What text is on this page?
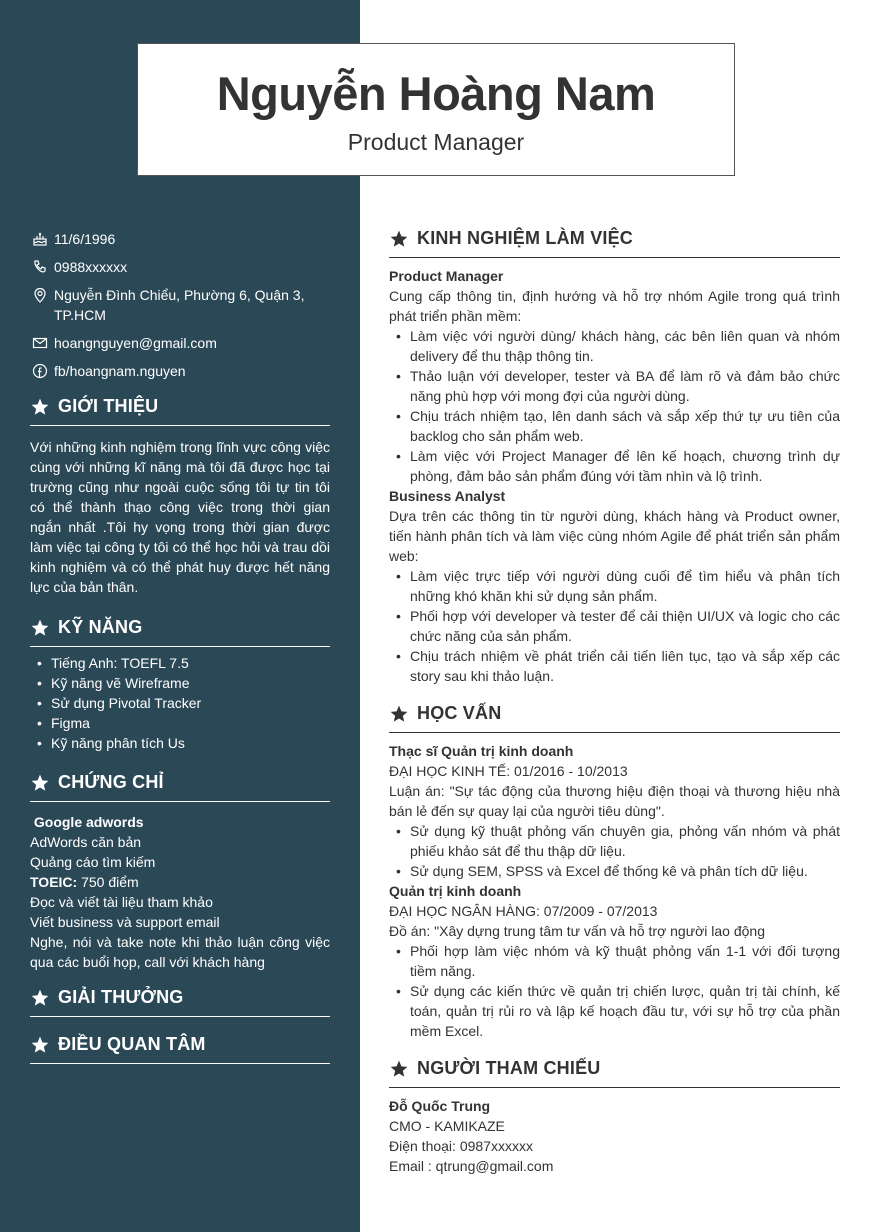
Nguyễn Hoàng Nam
Product Manager
11/6/1996
0988xxxxxx
Nguyễn Đình Chiểu, Phường 6, Quận 3, TP.HCM
hoangnguyen@gmail.com
fb/hoangnam.nguyen
GIỚI THIỆU

Với những kinh nghiệm trong lĩnh vực công việc cùng với những kĩ năng mà tôi đã được học tại trường cũng như ngoài cuộc sống tôi tự tin tôi có thể thành thạo công việc trong thời gian ngắn nhất .Tôi hy vọng trong thời gian được làm việc tại công ty tôi có thể học hỏi và trau dồi kinh nghiệm và có thể phát huy được hết năng lực của bản thân.

KỸ NĂNG
• Tiếng Anh: TOEFL 7.5
• Kỹ năng vẽ Wireframe
• Sử dụng Pivotal Tracker
• Figma
• Kỹ năng phân tích Us
CHỨNG CHỈ
Google adwords
AdWords căn bản
Quảng cáo tìm kiếm
TOEIC: 750 điểm
Đọc và viết tài liệu tham khảo
Viết business và support email
Nghe, nói và take note khi thảo luận công việc qua các buổi họp, call với khách hàng
GIẢI THƯỞNG
ĐIỀU QUAN TÂM
KINH NGHIỆM LÀM VIỆC
Product Manager
Cung cấp thông tin, định hướng và hỗ trợ nhóm Agile trong quá trình phát triển phần mềm:
• Làm việc với người dùng/ khách hàng, các bên liên quan và nhóm delivery để thu thập thông tin.
• Thảo luận với developer, tester và BA để làm rõ và đảm bảo chức năng phù hợp với mong đợi của người dùng.
• Chịu trách nhiệm tạo, lên danh sách và sắp xếp thứ tự ưu tiên của backlog cho sản phẩm web.
• Làm việc với Project Manager để lên kế hoạch, chương trình dự phòng, đảm bảo sản phẩm đúng với tầm nhìn và lộ trình.
Business Analyst
Dựa trên các thông tin từ người dùng, khách hàng và Product owner, tiến hành phân tích và làm việc cùng nhóm Agile để phát triển sản phẩm web:
• Làm việc trực tiếp với người dùng cuối để tìm hiểu và phân tích những khó khăn khi sử dụng sản phẩm.
• Phối hợp với developer và tester để cải thiện UI/UX và logic cho các chức năng của sản phẩm.
• Chịu trách nhiệm về phát triển cải tiến liên tục, tạo và sắp xếp các story sau khi thảo luận.
HỌC VẤN
Thạc sĩ Quản trị kinh doanh
ĐẠI HỌC KINH TẾ: 01/2016 - 10/2013
Luận án: "Sự tác động của thương hiệu điện thoại và thương hiệu nhà bán lẻ đến sự quay lại của người tiêu dùng".
• Sử dụng kỹ thuật phỏng vấn chuyên gia, phỏng vấn nhóm và phát phiếu khảo sát để thu thập dữ liệu.
• Sử dụng SEM, SPSS và Excel để thống kê và phân tích dữ liệu.
Quản trị kinh doanh
ĐẠI HỌC NGÂN HÀNG: 07/2009 - 07/2013
Đồ án: "Xây dựng trung tâm tư vấn và hỗ trợ người lao động
• Phối hợp làm việc nhóm và kỹ thuật phỏng vấn 1-1 với đối tượng tiềm năng.
• Sử dụng các kiến thức về quản trị chiến lược, quản trị tài chính, kế toán, quản trị rủi ro và lập kế hoạch đầu tư, với sự hỗ trợ của phần mềm Excel.
NGƯỜI THAM CHIẾU
Đỗ Quốc Trung
CMO - KAMIKAZE
Điện thoại: 0987xxxxxx
Email : qtrung@gmail.com
